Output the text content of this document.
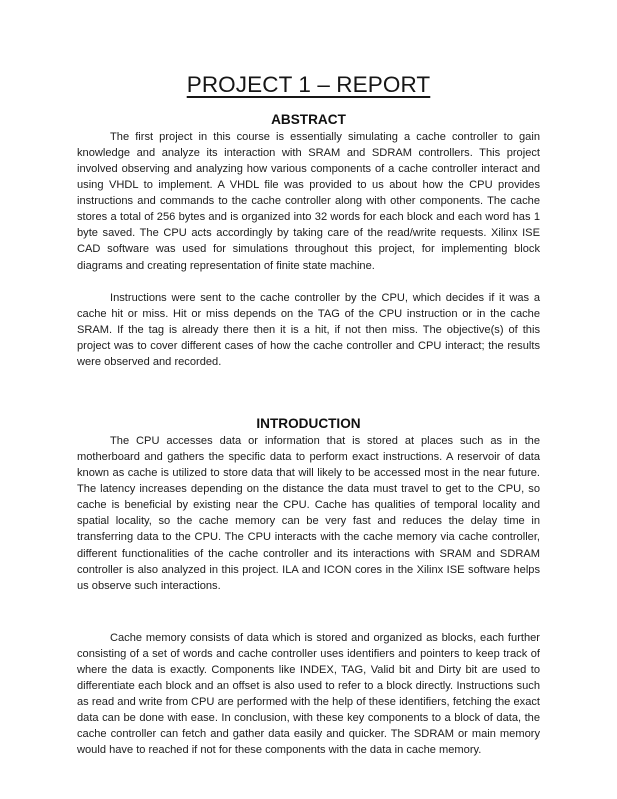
PROJECT 1 – REPORT
ABSTRACT

The first project in this course is essentially simulating a cache controller to gain knowledge and analyze its interaction with SRAM and SDRAM controllers. This project involved observing and analyzing how various components of a cache controller interact and using VHDL to implement. A VHDL file was provided to us about how the CPU provides instructions and commands to the cache controller along with other components. The cache stores a total of 256 bytes and is organized into 32 words for each block and each word has 1 byte saved. The CPU acts accordingly by taking care of the read/write requests. Xilinx ISE CAD software was used for simulations throughout this project, for implementing block diagrams and creating representation of finite state machine.

Instructions were sent to the cache controller by the CPU, which decides if it was a cache hit or miss. Hit or miss depends on the TAG of the CPU instruction or in the cache SRAM. If the tag is already there then it is a hit, if not then miss. The objective(s) of this project was to cover different cases of how the cache controller and CPU interact; the results were observed and recorded.

INTRODUCTION

The CPU accesses data or information that is stored at places such as in the motherboard and gathers the specific data to perform exact instructions. A reservoir of data known as cache is utilized to store data that will likely to be accessed most in the near future. The latency increases depending on the distance the data must travel to get to the CPU, so cache is beneficial by existing near the CPU. Cache has qualities of temporal locality and spatial locality, so the cache memory can be very fast and reduces the delay time in transferring data to the CPU. The CPU interacts with the cache memory via cache controller, different functionalities of the cache controller and its interactions with SRAM and SDRAM controller is also analyzed in this project. ILA and ICON cores in the Xilinx ISE software helps us observe such interactions.

Cache memory consists of data which is stored and organized as blocks, each further consisting of a set of words and cache controller uses identifiers and pointers to keep track of where the data is exactly. Components like INDEX, TAG, Valid bit and Dirty bit are used to differentiate each block and an offset is also used to refer to a block directly. Instructions such as read and write from CPU are performed with the help of these identifiers, fetching the exact data can be done with ease. In conclusion, with these key components to a block of data, the cache controller can fetch and gather data easily and quicker. The SDRAM or main memory would have to reached if not for these components with the data in cache memory.
